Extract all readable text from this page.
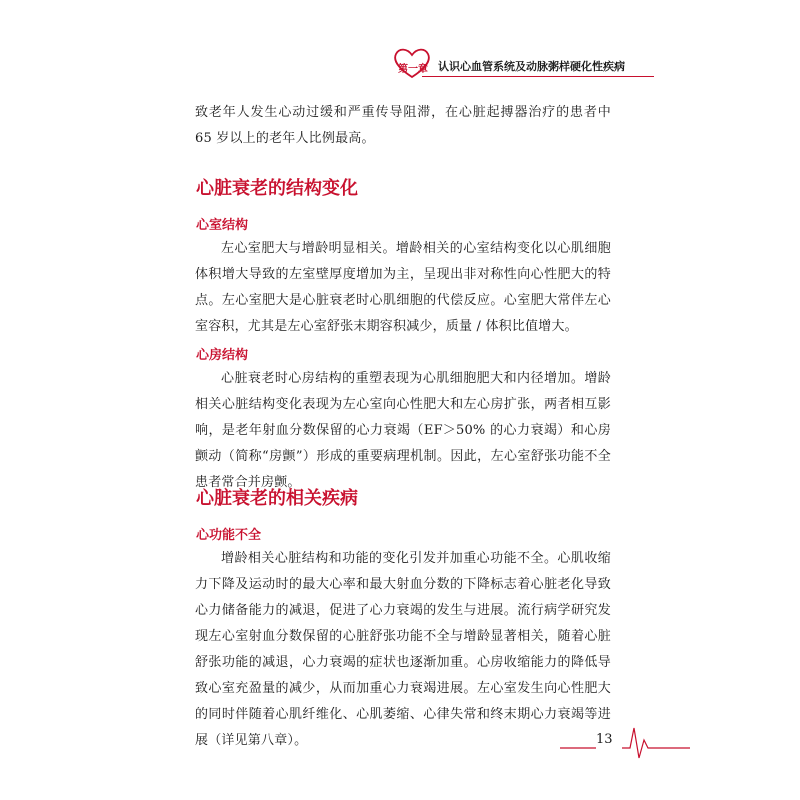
第一章 认识心血管系统及动脉粥样硬化性疾病

致老年人发生心动过缓和严重传导阻滞，在心脏起搏器治疗的患者中 65 岁以上的老年人比例最高。

心脏衰老的结构变化
心室结构

左心室肥大与增龄明显相关。增龄相关的心室结构变化以心肌细胞体积增大导致的左室壁厚度增加为主，呈现出非对称性向心性肥大的特点。左心室肥大是心脏衰老时心肌细胞的代偿反应。心室肥大常伴左心室容积，尤其是左心室舒张末期容积减少，质量 / 体积比值增大。

心房结构

心脏衰老时心房结构的重塑表现为心肌细胞肥大和内径增加。增龄相关心脏结构变化表现为左心室向心性肥大和左心房扩张，两者相互影响，是老年射血分数保留的心力衰竭（EF＞50% 的心力衰竭）和心房颤动（简称“房颤”）形成的重要病理机制。因此，左心室舒张功能不全患者常合并房颤。

心脏衰老的相关疾病
心功能不全

增龄相关心脏结构和功能的变化引发并加重心功能不全。心肌收缩力下降及运动时的最大心率和最大射血分数的下降标志着心脏老化导致心力储备能力的减退，促进了心力衰竭的发生与进展。流行病学研究发现左心室射血分数保留的心脏舒张功能不全与增龄显著相关，随着心脏舒张功能的减退，心力衰竭的症状也逐渐加重。心房收缩能力的降低导致心室充盈量的减少，从而加重心力衰竭进展。左心室发生向心性肥大的同时伴随着心肌纤维化、心肌萎缩、心律失常和终末期心力衰竭等进展（详见第八章）。	13
